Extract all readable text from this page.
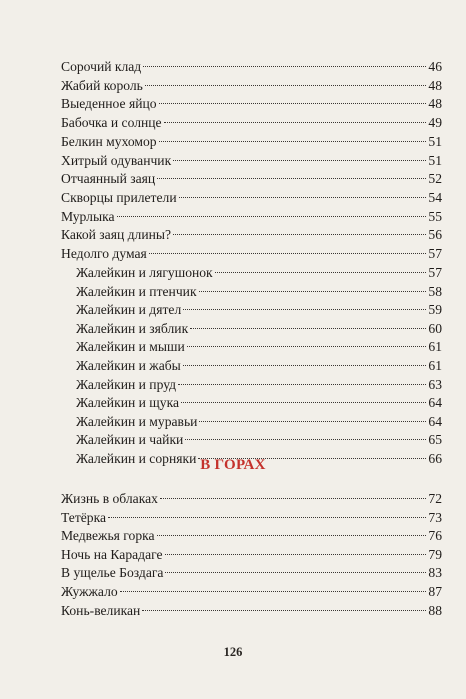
Сорочий клад	46
Жабий король	48
Выеденное яйцо	48
Бабочка и солнце	49
Белкин мухомор	51
Хитрый одуванчик	51
Отчаянный заяц	52
Скворцы прилетели	54
Мурлыка	55
Какой заяц длины?	56
Недолго думая	57
Жалейкин и лягушонок	57
Жалейкин и птенчик	58
Жалейкин и дятел	59
Жалейкин и зяблик	60
Жалейкин и мыши	61
Жалейкин и жабы	61
Жалейкин и пруд	63
Жалейкин и щука	64
Жалейкин и муравьи	64
Жалейкин и чайки	65
Жалейкин и сорняки	66
В ГОРАХ
Жизнь в облаках	72
Тетёрка	73
Медвежья горка	76
Ночь на Карадаге	79
В ущелье Боздага	83
Жужжало	87
Конь-великан	88
126
